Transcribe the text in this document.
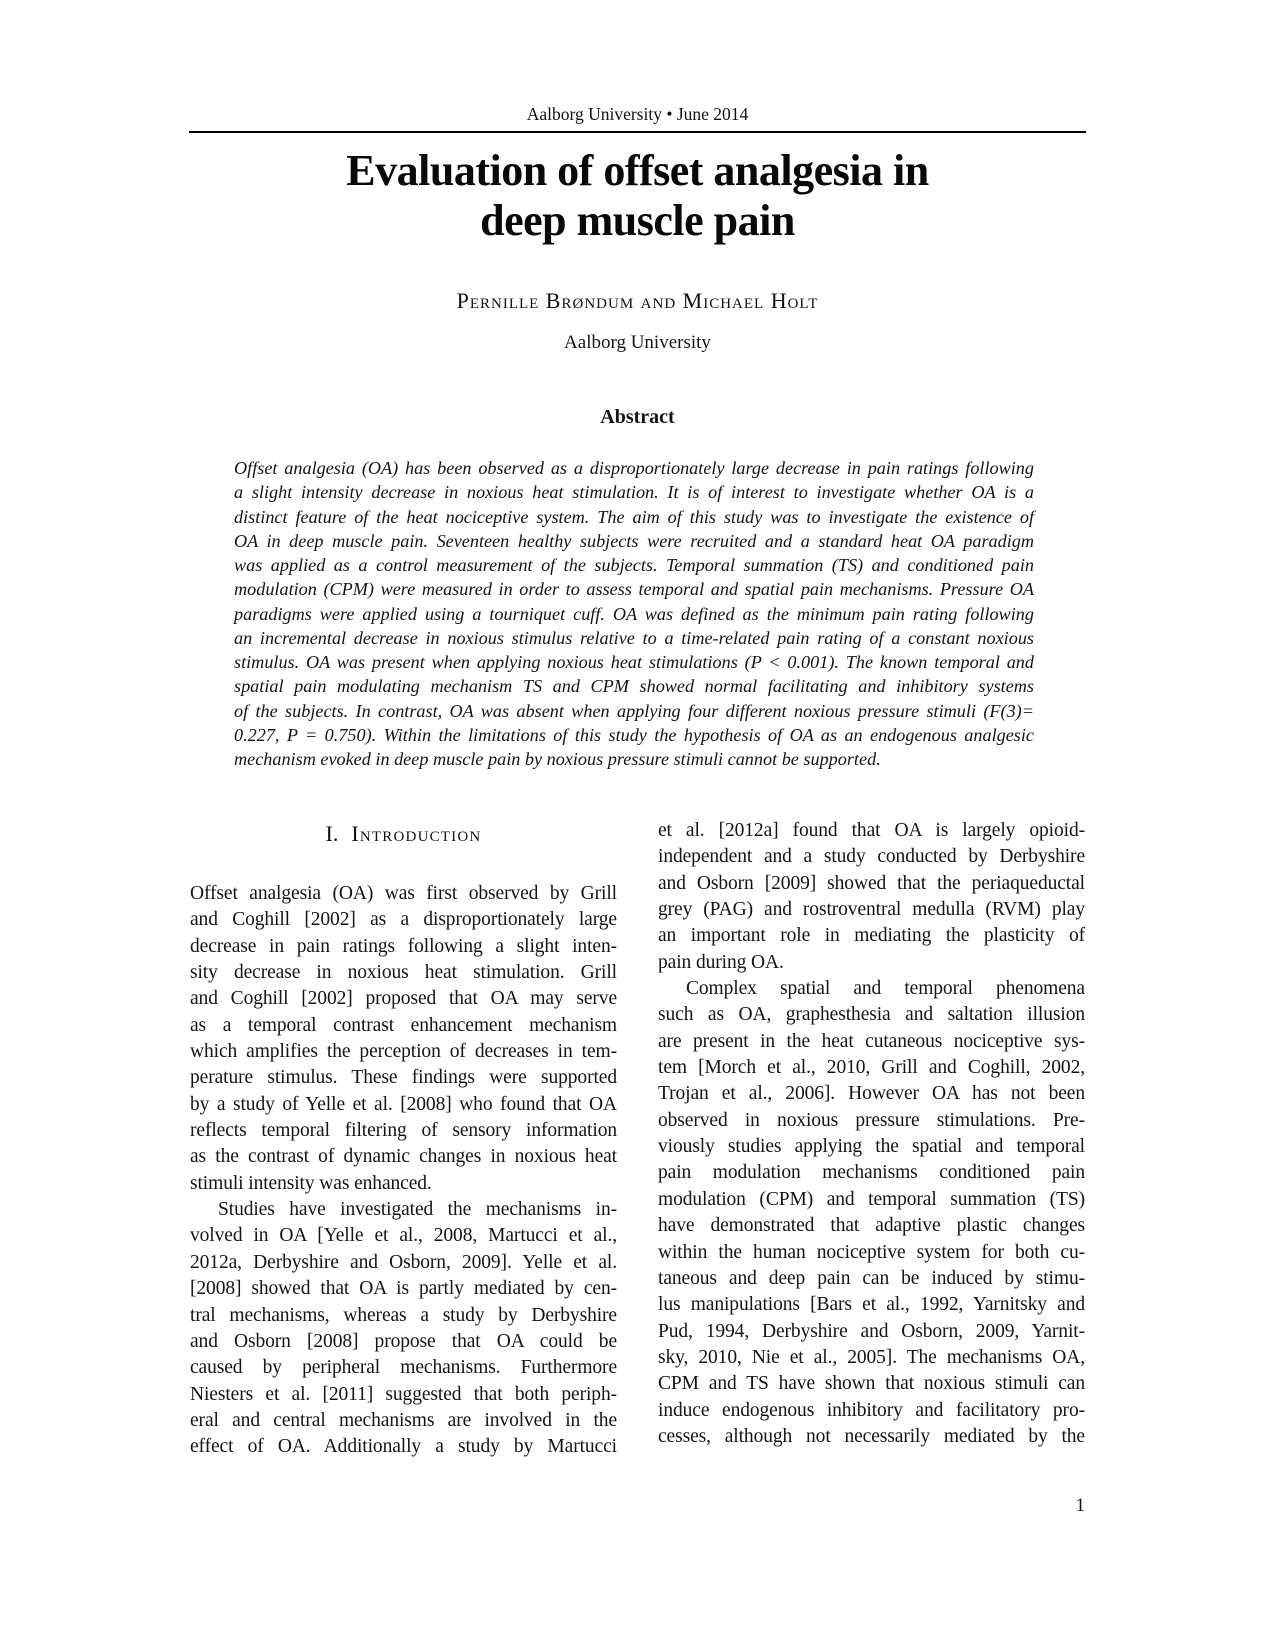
Aalborg University • June 2014
Evaluation of offset analgesia in
deep muscle pain
Pernille Brøndum and Michael Holt
Aalborg University
Abstract
Offset analgesia (OA) has been observed as a disproportionately large decrease in pain ratings following
a slight intensity decrease in noxious heat stimulation. It is of interest to investigate whether OA is a
distinct feature of the heat nociceptive system. The aim of this study was to investigate the existence of
OA in deep muscle pain. Seventeen healthy subjects were recruited and a standard heat OA paradigm
was applied as a control measurement of the subjects. Temporal summation (TS) and conditioned pain
modulation (CPM) were measured in order to assess temporal and spatial pain mechanisms. Pressure OA
paradigms were applied using a tourniquet cuff. OA was defined as the minimum pain rating following
an incremental decrease in noxious stimulus relative to a time-related pain rating of a constant noxious
stimulus. OA was present when applying noxious heat stimulations (P < 0.001). The known temporal and
spatial pain modulating mechanism TS and CPM showed normal facilitating and inhibitory systems
of the subjects. In contrast, OA was absent when applying four different noxious pressure stimuli (F(3)=
0.227, P = 0.750). Within the limitations of this study the hypothesis of OA as an endogenous analgesic
mechanism evoked in deep muscle pain by noxious pressure stimuli cannot be supported.
I. Introduction
Offset analgesia (OA) was first observed by Grill
and Coghill [2002] as a disproportionately large
decrease in pain ratings following a slight inten-
sity decrease in noxious heat stimulation. Grill
and Coghill [2002] proposed that OA may serve
as a temporal contrast enhancement mechanism
which amplifies the perception of decreases in tem-
perature stimulus. These findings were supported
by a study of Yelle et al. [2008] who found that OA
reflects temporal filtering of sensory information
as the contrast of dynamic changes in noxious heat
stimuli intensity was enhanced.
Studies have investigated the mechanisms in-
volved in OA [Yelle et al., 2008, Martucci et al.,
2012a, Derbyshire and Osborn, 2009]. Yelle et al.
[2008] showed that OA is partly mediated by cen-
tral mechanisms, whereas a study by Derbyshire
and Osborn [2008] propose that OA could be
caused by peripheral mechanisms. Furthermore
Niesters et al. [2011] suggested that both periph-
eral and central mechanisms are involved in the
effect of OA. Additionally a study by Martucci
et al. [2012a] found that OA is largely opioid-
independent and a study conducted by Derbyshire
and Osborn [2009] showed that the periaqueductal
grey (PAG) and rostroventral medulla (RVM) play
an important role in mediating the plasticity of
pain during OA.
Complex spatial and temporal phenomena
such as OA, graphesthesia and saltation illusion
are present in the heat cutaneous nociceptive sys-
tem [Morch et al., 2010, Grill and Coghill, 2002,
Trojan et al., 2006]. However OA has not been
observed in noxious pressure stimulations. Pre-
viously studies applying the spatial and temporal
pain modulation mechanisms conditioned pain
modulation (CPM) and temporal summation (TS)
have demonstrated that adaptive plastic changes
within the human nociceptive system for both cu-
taneous and deep pain can be induced by stimu-
lus manipulations [Bars et al., 1992, Yarnitsky and
Pud, 1994, Derbyshire and Osborn, 2009, Yarnit-
sky, 2010, Nie et al., 2005]. The mechanisms OA,
CPM and TS have shown that noxious stimuli can
induce endogenous inhibitory and facilitatory pro-
cesses, although not necessarily mediated by the
1
